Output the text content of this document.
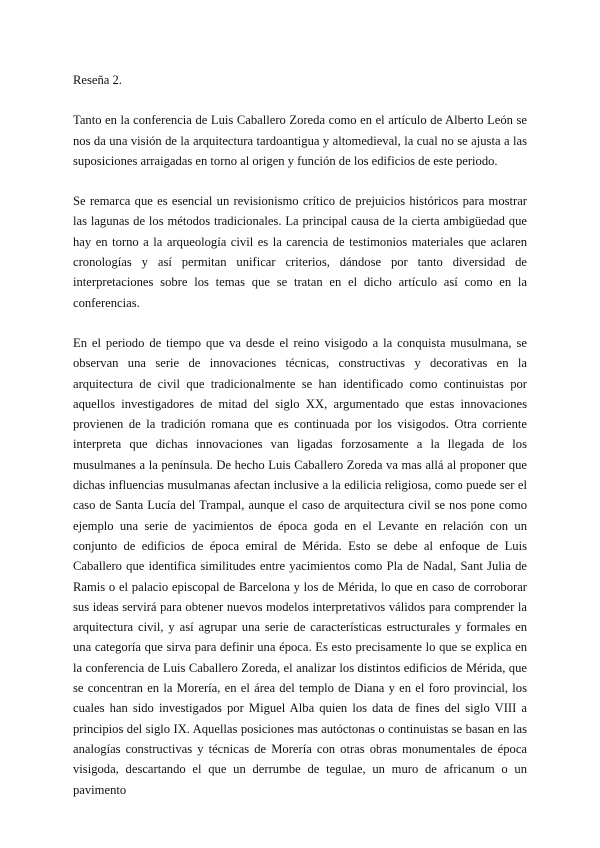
Reseña 2.

Tanto en la conferencia de Luis Caballero Zoreda como en el artículo de Alberto León se nos da una visión de la arquitectura tardoantigua y altomedieval, la cual no se ajusta a las suposiciones arraigadas en torno al origen y función de los edificios de este periodo.

Se remarca que es esencial un revisionismo crítico de prejuicios históricos para mostrar las lagunas de los métodos tradicionales. La principal causa de la cierta ambigüedad que hay en torno a la arqueología civil es la carencia de testimonios materiales que aclaren cronologías y así permitan unificar criterios, dándose por tanto diversidad de interpretaciones sobre los temas que se tratan en el dicho artículo así como en la conferencias.

En el periodo de tiempo que va desde el reino visigodo a la conquista musulmana, se observan una serie de innovaciones técnicas, constructivas y decorativas en la arquitectura de civil que tradicionalmente se han identificado como continuistas por aquellos investigadores de mitad del siglo XX, argumentado que estas innovaciones provienen de la tradición romana que es continuada por los visigodos. Otra corriente interpreta que dichas innovaciones van ligadas forzosamente a la llegada de los musulmanes a la península. De hecho Luis Caballero Zoreda va mas allá al proponer que dichas influencias musulmanas afectan inclusive a la edilicia religiosa, como puede ser el caso de Santa Lucía del Trampal, aunque el caso de arquitectura civil se nos pone como ejemplo una serie de yacimientos de época goda en el Levante en relación con un conjunto de edificios de época emiral de Mérida. Esto se debe al enfoque de Luis Caballero que identifica similitudes entre yacimientos como Pla de Nadal, Sant Julia de Ramis o el palacio episcopal de Barcelona y los de Mérida, lo que en caso de corroborar sus ideas servirá para obtener nuevos modelos interpretativos válidos para comprender la arquitectura civil, y así agrupar una serie de características estructurales y formales en una categoría que sirva para definir una época. Es esto precisamente lo que se explica en la conferencia de Luis Caballero Zoreda, el analizar los distintos edificios de Mérida, que se concentran en la Morería, en el área del templo de Diana y en el foro provincial, los cuales han sido investigados por Miguel Alba quien los data de fines del siglo VIII a principios del siglo IX. Aquellas posiciones mas autóctonas o continuistas se basan en las analogías constructivas y técnicas de Morería con otras obras monumentales de época visigoda, descartando el que un derrumbe de tegulae, un muro de africanum o un pavimento
